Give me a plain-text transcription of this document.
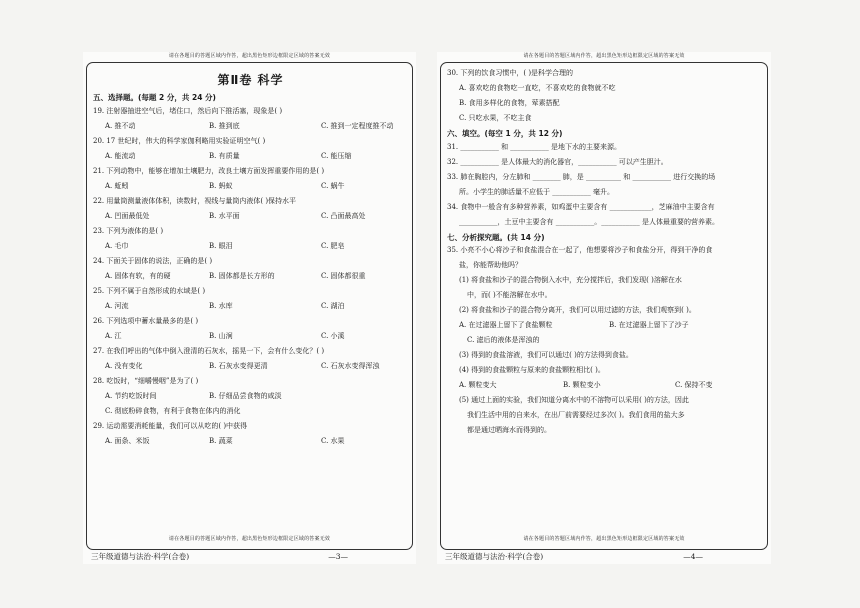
请在各题目的答题区域内作答，超出黑色矩形边框限定区域的答案无效
第Ⅱ卷 科学
五、选择题。(每题 2 分，共 24 分)
19. 注射器抽进空气后，堵住口，然后向下推活塞，现象是( )
A. 推不动	B. 推到底	C. 推到一定程度推不动
20. 17 世纪时，伟大的科学家伽利略用实验证明空气( )
A. 能流动	B. 有质量	C. 能压缩
21. 下列动物中，能够在增加土壤肥力，改良土壤方面发挥重要作用的是( )
A. 蚯蚓	B. 蚂蚁	C. 蜗牛
22. 用量筒测量液体体积，读数时，视线与量筒内液体( )保持水平
A. 凹面最低处	B. 水平面	C. 凸面最高处
23. 下列为液体的是( )
A. 毛巾	B. 眼泪	C. 肥皂
24. 下面关于固体的说法，正确的是( )
A. 固体有软，有的硬	B. 固体都是长方形的	C. 固体都很重
25. 下列不属于自然形成的水域是( )
A. 河流	B. 水库	C. 湖泊
26. 下列选项中蓄水量最多的是( )
A. 江	B. 山涧	C. 小溪
27. 在我们呼出的气体中倒入澄清的石灰水，摇晃一下，会有什么变化？( )
A. 没有变化	B. 石灰水变得更清	C. 石灰水变得浑浊
28. 吃饭时，“细嚼慢咽”是为了( )
A. 节约吃饭时间	B. 仔细品尝食物的咸淡
C. 彻底粉碎食物，有利于食物在体内的消化
29. 运动需要消耗能量，我们可以从吃的( )中获得
A. 面条、米饭	B. 蔬菜	C. 水果
请在各题目的答题区域内作答，超出黑色矩形边框限定区域的答案无效
三年级道德与法治·科学(合卷)	—3—
请在各题目的答题区域内作答，超出黑色矩形边框限定区域的答案无效
30. 下列的饮食习惯中，( )是科学合理的
A. 喜欢吃的食物吃一直吃，不喜欢吃的食物就不吃
B. 食用多样化的食物，荤素搭配
C. 只吃水果，不吃主食
六、填空。(每空 1 分，共 12 分)
31. ___________ 和 ___________ 是地下水的主要来源。
32. ___________ 是人体最大的消化器官，___________ 可以产生胆汁。
33. 肺在胸腔内，分左肺和 ________ 肺，是 __________ 和 ___________ 进行交换的场
所。小学生的肺活量不应低于 ___________ 毫升。
34. 食物中一般含有多种营养素，如鸡蛋中主要含有 ____________，芝麻油中主要含有
___________，土豆中主要含有 ___________。___________ 是人体最重要的营养素。
七、分析探究题。(共 14 分)
35. 小亮不小心将沙子和食盐混合在一起了，他想要将沙子和食盐分开，得到干净的食
盐，你能帮助他吗？
(1) 将食盐和沙子的混合物倒入水中，充分搅拌后，我们发现( )溶解在水
中，而( )不能溶解在水中。
(2) 将食盐和沙子的混合物分离开，我们可以用过滤的方法，我们观察到( )。
A. 在过滤器上留下了食盐颗粒	B. 在过滤器上留下了沙子
C. 滤后的液体是浑浊的
(3) 得到的食盐溶液，我们可以通过( )的方法得到食盐。
(4) 得到的食盐颗粒与原来的食盐颗粒相比( )。
A. 颗粒变大	B. 颗粒变小	C. 保持不变
(5) 通过上面的实验，我们知道分离水中的不溶物可以采用( )的方法，因此
我们生活中用的自来水，在出厂前需要经过多次( )。我们食用的盐大多
都是通过晒海水而得到的。
请在各题目的答题区域内作答，超出黑色矩形边框限定区域的答案无效
三年级道德与法治·科学(合卷)	—4—
